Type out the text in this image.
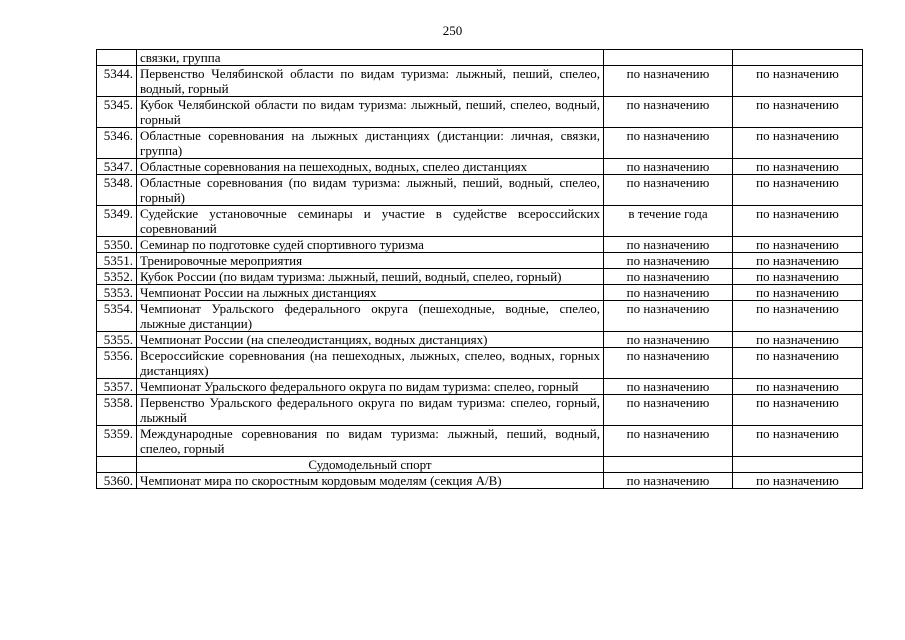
250
	связки, группа		
5344.	Первенство Челябинской области по видам туризма: лыжный, пеший, спелео, водный, горный	по назначению	по назначению
5345.	Кубок Челябинской области по видам туризма: лыжный, пеший, спелео, водный, горный	по назначению	по назначению
5346.	Областные соревнования на лыжных дистанциях (дистанции: личная, связки, группа)	по назначению	по назначению
5347.	Областные соревнования на пешеходных, водных, спелео дистанциях	по назначению	по назначению
5348.	Областные соревнования (по видам туризма: лыжный, пеший, водный, спелео, горный)	по назначению	по назначению
5349.	Судейские установочные семинары и участие в судействе всероссийских соревнований	в течение года	по назначению
5350.	Семинар по подготовке судей спортивного туризма	по назначению	по назначению
5351.	Тренировочные мероприятия	по назначению	по назначению
5352.	Кубок России (по видам туризма: лыжный, пеший, водный, спелео, горный)	по назначению	по назначению
5353.	Чемпионат России на лыжных дистанциях	по назначению	по назначению
5354.	Чемпионат Уральского федерального округа (пешеходные, водные, спелео, лыжные дистанции)	по назначению	по назначению
5355.	Чемпионат России (на спелеодистанциях, водных дистанциях)	по назначению	по назначению
5356.	Всероссийские соревнования (на пешеходных, лыжных, спелео, водных, горных дистанциях)	по назначению	по назначению
5357.	Чемпионат Уральского федерального округа по видам туризма: спелео, горный	по назначению	по назначению
5358.	Первенство Уральского федерального округа по видам туризма: спелео, горный, лыжный	по назначению	по назначению
5359.	Международные соревнования по видам туризма: лыжный, пеший, водный, спелео, горный	по назначению	по назначению
	Судомодельный спорт		
5360.	Чемпионат мира по скоростным кордовым моделям (секция А/В)	по назначению	по назначению
